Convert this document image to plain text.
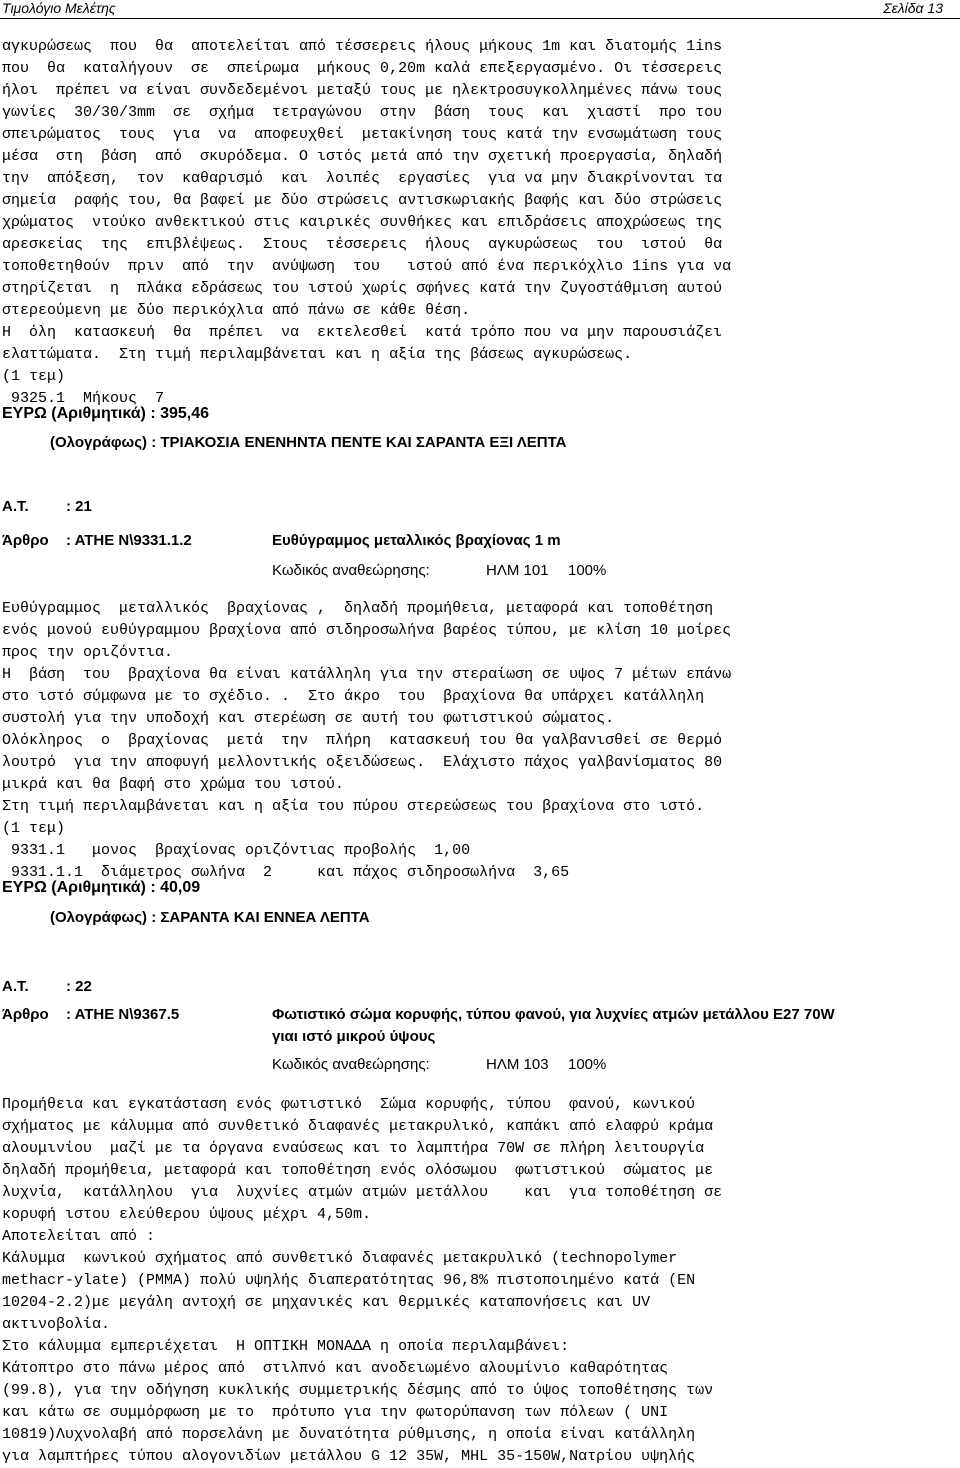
Τιμολόγιο Μελέτης	Σελίδα 13
αγκυρώσεως  που  θα  αποτελείται από τέσσερεις ήλους μήκους 1m και διατομής 1ins
που  θα  καταλήγουν  σε  σπείρωμα  μήκους 0,20m καλά επεξεργασμένο. Οι τέσσερεις
ήλοι  πρέπει να είναι συνδεδεμένοι μεταξύ τους με ηλεκτροσυγκολλημένες πάνω τους
γωνίες  30/30/3mm  σε  σχήμα  τετραγώνου  στην  βάση  τους  και  χιαστί  προ του
σπειρώματος  τους  για  να  αποφευχθεί  μετακίνηση τους κατά την ενσωμάτωση τους
μέσα  στη  βάση  από  σκυρόδεμα. Ο ιστός μετά από την σχετική προεργασία, δηλαδή
την  απόξεση,  τον  καθαρισμό  και  λοιπές  εργασίες  για να μην διακρίνονται τα
σημεία  ραφής του, θα βαφεί με δύο στρώσεις αντισκωριακής βαφής και δύο στρώσεις
χρώματος  ντούκο ανθεκτικού στις καιρικές συνθήκες και επιδράσεις αποχρώσεως της
αρεσκείας  της  επιβλέψεως.  Στους  τέσσερεις  ήλους  αγκυρώσεως  του  ιστού  θα
τοποθετηθούν  πριν  από  την  ανύψωση  του   ιστού από ένα περικόχλιο 1ins για να
στηρίζεται  η  πλάκα εδράσεως του ιστού χωρίς σφήνες κατά την ζυγοστάθμιση αυτού
στερεούμενη με δύο περικόχλια από πάνω σε κάθε θέση.
Η  όλη  κατασκευή  θα  πρέπει  να  εκτελεσθεί  κατά τρόπο που να μην παρουσιάζει
ελαττώματα.  Στη τιμή περιλαμβάνεται και η αξία της βάσεως αγκυρώσεως.
(1 τεμ)
9325.1  Μήκους  7
ΕΥΡΩ (Αριθμητικά) : 395,46
(Ολογράφως) : ΤΡΙΑΚΟΣΙΑ ΕΝΕΝΗΝΤΑ ΠΕΝΤΕ ΚΑΙ ΣΑΡΑΝΤΑ ΕΞΙ ΛΕΠΤΑ
Α.Τ. : 21
Άρθρο : ΑΤΗΕ Ν\9331.1.2	Ευθύγραμμος μεταλλικός βραχίονας 1 m
Κωδικός αναθεώρησης:	ΗΛΜ 101 100%
Ευθύγραμμος  μεταλλικός  βραχίονας ,  δηλαδή προμήθεια, μεταφορά και τοποθέτηση
ενός μονού ευθύγραμμου βραχίονα από σιδηροσωλήνα βαρέος τύπου, με κλίση 10 μοίρες
προς την οριζόντια.
Η  βάση  του  βραχίονα θα είναι κατάλληλη για την στεραίωση σε υψος 7 μέτων επάνω
στο ιστό σύμφωνα με το σχέδιο. .  Στο άκρο  του  βραχίονα θα υπάρχει κατάλληλη
συστολή για την υποδοχή και στερέωση σε αυτή του φωτιστικού σώματος.
Ολόκληρος  ο  βραχίονας  μετά  την  πλήρη  κατασκευή του θα γαλβανισθεί σε θερμό
λουτρό  για την αποφυγή μελλοντικής οξειδώσεως.  Ελάχιστο πάχος γαλβανίσματος 80
μικρά και θα βαφή στο χρώμα του ιστού.
Στη τιμή περιλαμβάνεται και η αξία του πύρου στερεώσεως του βραχίονα στο ιστό.
(1 τεμ)
9331.1   μονος  βραχίονας οριζόντιας προβολής  1,00
9331.1.1  διάμετρος σωλήνα  2     και πάχος σιδηροσωλήνα  3,65
ΕΥΡΩ (Αριθμητικά) : 40,09
(Ολογράφως) : ΣΑΡΑΝΤΑ ΚΑΙ ΕΝΝΕΑ ΛΕΠΤΑ
Α.Τ. : 22
Άρθρο : ΑΤΗΕ Ν\9367.5	Φωτιστικό σώμα κορυφής, τύπου φανού, για λυχνίες ατμών μετάλλου Ε27 70W
γιαι ιστό μικρού ύψους
Κωδικός αναθεώρησης:	ΗΛΜ 103 100%
Προμήθεια και εγκατάσταση ενός φωτιστικό  Σώμα κορυφής, τύπου  φανού, κωνικού
σχήματος με κάλυμμα από συνθετικό διαφανές μετακρυλικό, καπάκι από ελαφρύ κράμα
αλουμινίου  μαζί με τα όργανα εναύσεως και το λαμπτήρα 70W σε πλήρη λειτουργία
δηλαδή προμήθεια, μεταφορά και τοποθέτηση ενός ολόσωμου  φωτιστικού  σώματος με
λυχνία,  κατάλληλου  για  λυχνίες ατμών ατμών μετάλλου    και  για τοποθέτηση σε
κορυφή ιστου ελεύθερου ύψους μέχρι 4,50m.
Αποτελείται από :
Κάλυμμα  κωνικού σχήματος από συνθετικό διαφανές μετακρυλικό (technopolymer
methacr-ylate) (PMMA) πολύ υψηλής διαπερατότητας 96,8% πιστοποιημένο κατά (EN
10204-2.2)με μεγάλη αντοχή σε μηχανικές και θερμικές καταπονήσεις και UV
ακτινοβολία.
Στο κάλυμμα εμπεριέχεται  Η ΟΠΤΙΚΗ ΜΟΝΑΔΑ η οποία περιλαμβάνει:
Κάτοπτρο στο πάνω μέρος από  στιλπνό και ανοδειωμένο αλουμίνιο καθαρότητας
(99.8), για την οδήγηση κυκλικής συμμετρικής δέσμης από το ύψος τοποθέτησης των
και κάτω σε συμμόρφωση με το  πρότυπο για την φωτορύπανση των πόλεων ( UNI
10819)Λυχνολαβή από πορσελάνη με δυνατότητα ρύθμισης, η οποία είναι κατάλληλη
για λαμπτήρες τύπου αλογονιδίων μετάλλου G 12 35W, MHL 35-150W,Νατρίου υψηλής
